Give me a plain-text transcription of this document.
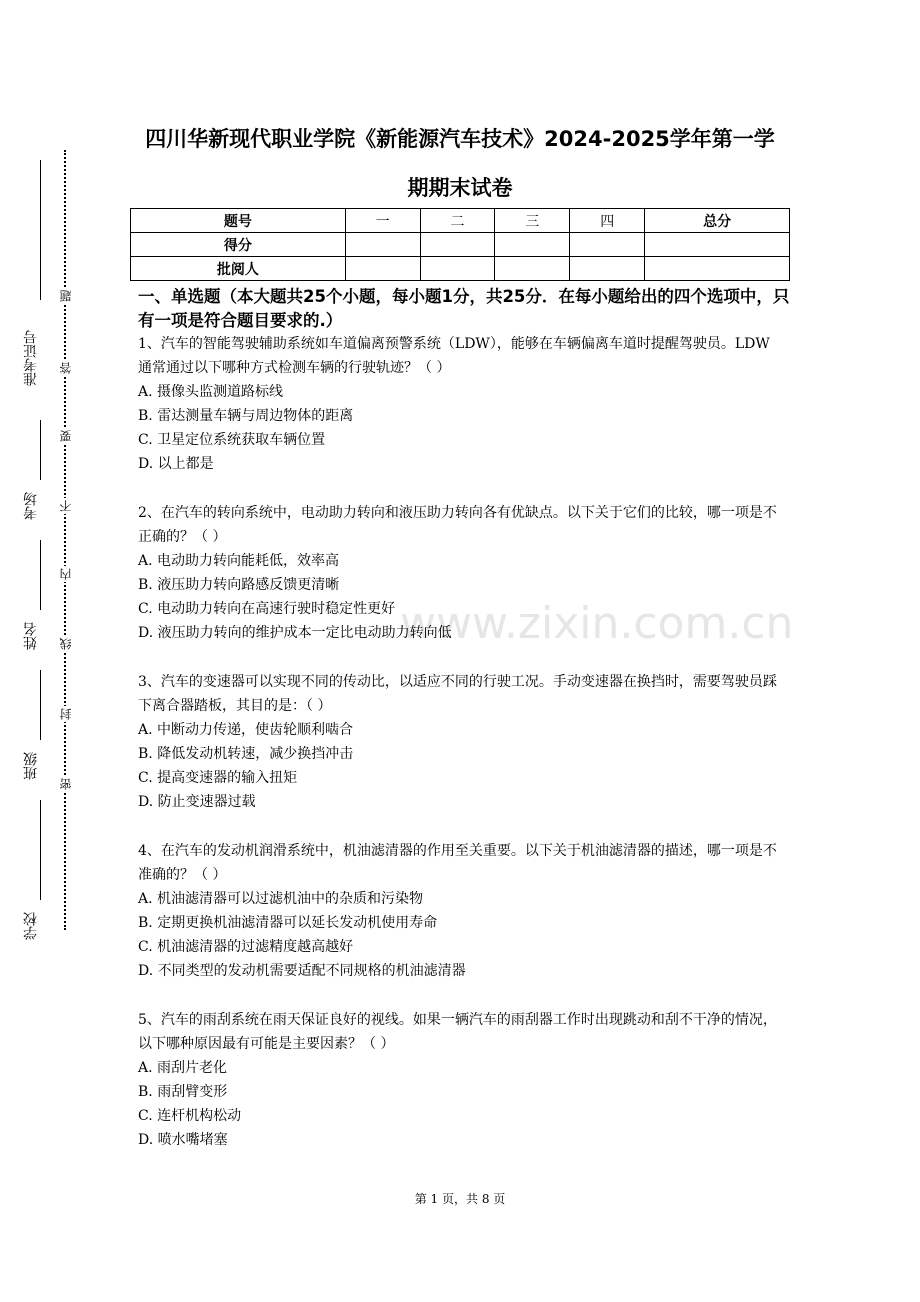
准考证号
考场
姓名
班级
学校
题
答
要
不
内
线
封
密
www.zixin.com.cn
四川华新现代职业学院《新能源汽车技术》2024-2025学年第一学
期期末试卷
题号	一	二	三	四	总分
得分					
批阅人					
一、单选题（本大题共25个小题，每小题1分，共25分．在每小题给出的四个选项中，只有一项是符合题目要求的.）

1、汽车的智能驾驶辅助系统如车道偏离预警系统（LDW），能够在车辆偏离车道时提醒驾驶员。LDW 通常通过以下哪种方式检测车辆的行驶轨迹？（ ）

A. 摄像头监测道路标线

B. 雷达测量车辆与周边物体的距离

C. 卫星定位系统获取车辆位置

D. 以上都是

2、在汽车的转向系统中，电动助力转向和液压助力转向各有优缺点。以下关于它们的比较，哪一项是不正确的？（ ）

A. 电动助力转向能耗低，效率高

B. 液压助力转向路感反馈更清晰

C. 电动助力转向在高速行驶时稳定性更好

D. 液压助力转向的维护成本一定比电动助力转向低

3、汽车的变速器可以实现不同的传动比，以适应不同的行驶工况。手动变速器在换挡时，需要驾驶员踩下离合器踏板，其目的是：（ ）

A. 中断动力传递，使齿轮顺利啮合

B. 降低发动机转速，减少换挡冲击

C. 提高变速器的输入扭矩

D. 防止变速器过载

4、在汽车的发动机润滑系统中，机油滤清器的作用至关重要。以下关于机油滤清器的描述，哪一项是不准确的？（ ）

A. 机油滤清器可以过滤机油中的杂质和污染物

B. 定期更换机油滤清器可以延长发动机使用寿命

C. 机油滤清器的过滤精度越高越好

D. 不同类型的发动机需要适配不同规格的机油滤清器

5、汽车的雨刮系统在雨天保证良好的视线。如果一辆汽车的雨刮器工作时出现跳动和刮不干净的情况，以下哪种原因最有可能是主要因素？（ ）

A. 雨刮片老化

B. 雨刮臂变形

C. 连杆机构松动

D. 喷水嘴堵塞

第 1 页，共 8 页
